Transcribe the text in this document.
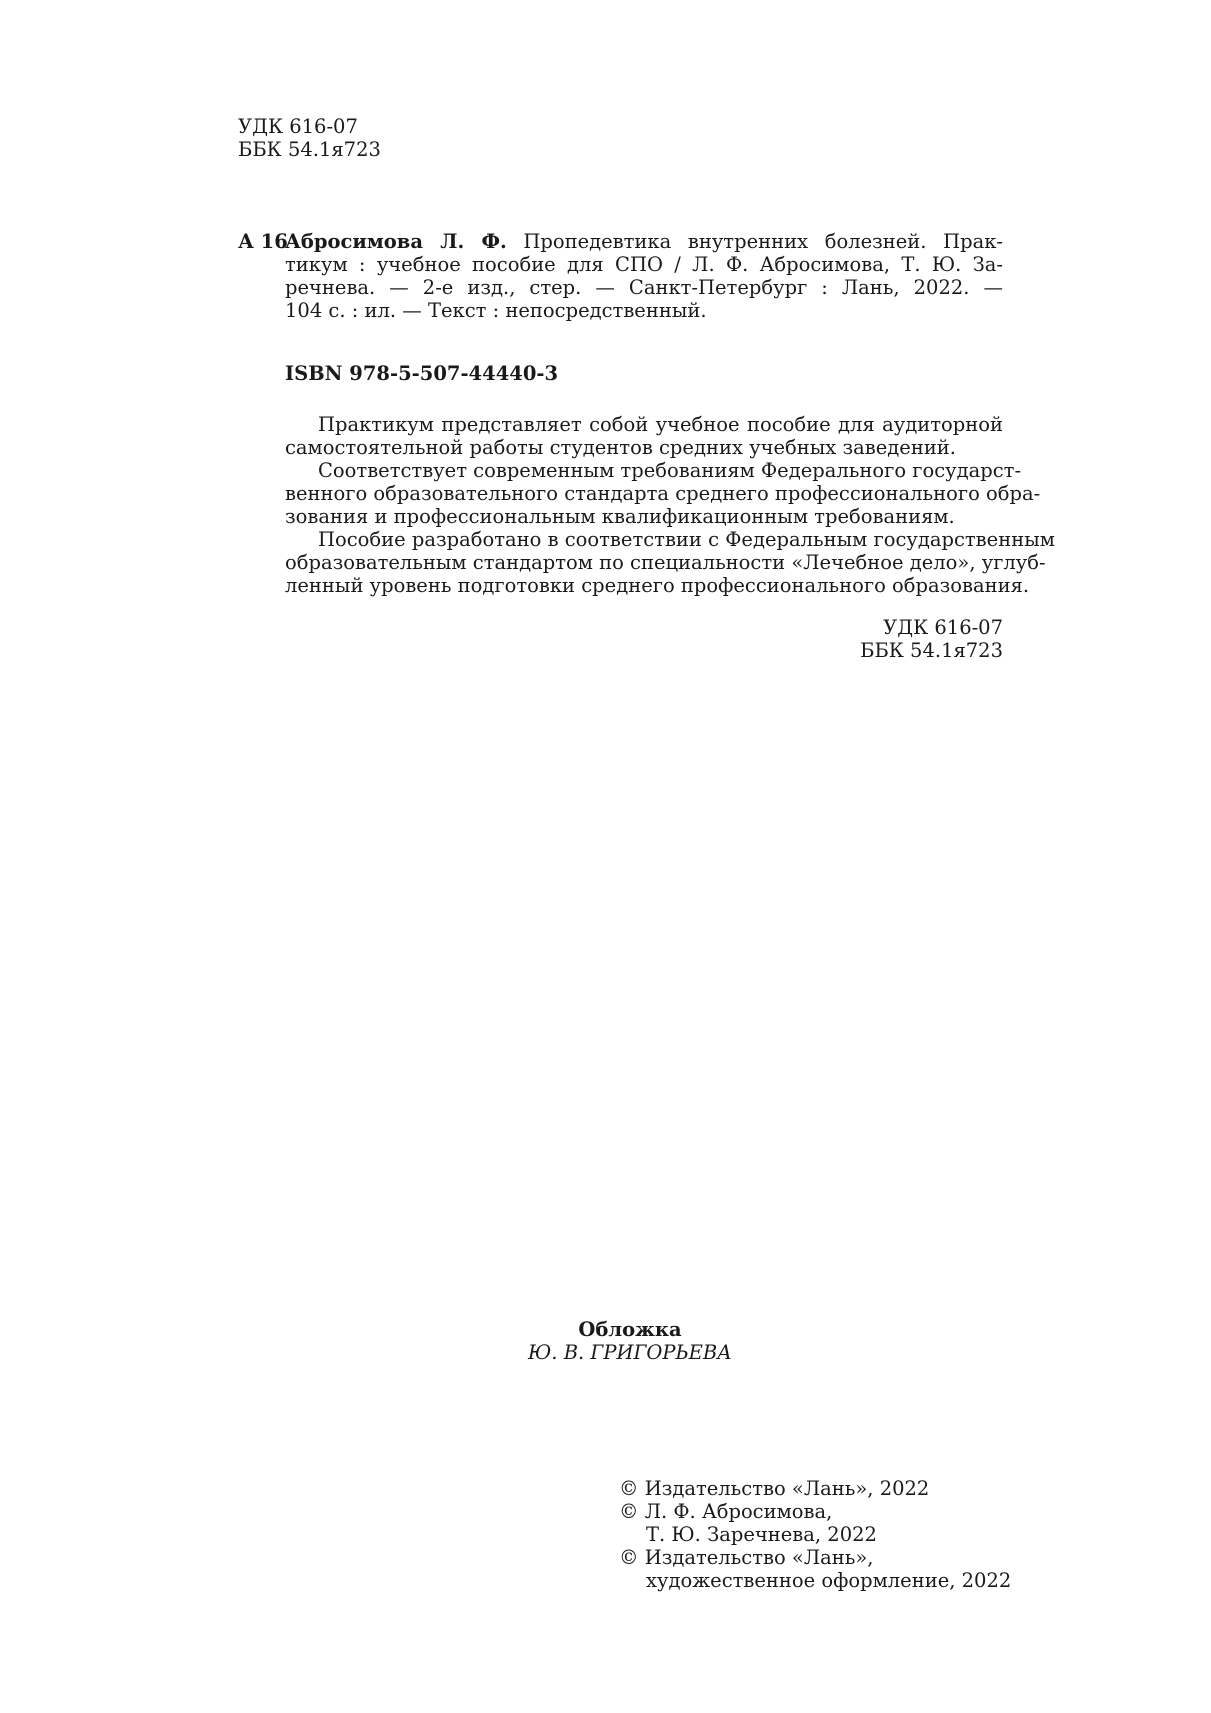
УДК 616-07
ББК 54.1я723
А 16
Абросимова Л. Ф. Пропедевтика внутренних болезней. Прак-
тикум : учебное пособие для СПО / Л. Ф. Абросимова, Т. Ю. За-
речнева. — 2-е изд., стер. — Санкт-Петербург : Лань, 2022. —
104 с. : ил. — Текст : непосредственный.
ISBN 978-5-507-44440-3
Практикум представляет собой учебное пособие для аудиторной
самостоятельной работы студентов средних учебных заведений.
Соответствует современным требованиям Федерального государст-
венного образовательного стандарта среднего профессионального обра-
зования и профессиональным квалификационным требованиям.
Пособие разработано в соответствии с Федеральным государственным
образовательным стандартом по специальности «Лечебное дело», углуб-
ленный уровень подготовки среднего профессионального образования.
УДК 616-07
ББК 54.1я723
Обложка
Ю. В. ГРИГОРЬЕВА
© Издательство «Лань», 2022
© Л. Ф. Абросимова,
Т. Ю. Заречнева, 2022
© Издательство «Лань»,
художественное оформление, 2022
